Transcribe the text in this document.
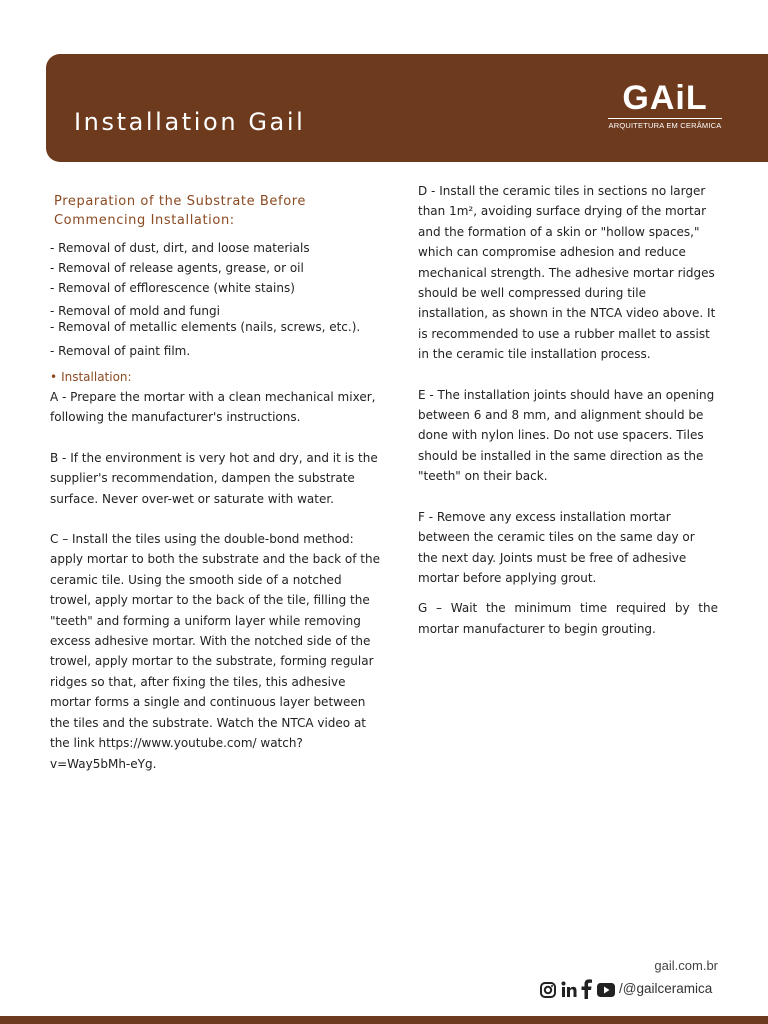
Installation Gail
GAiL
ARQUITETURA EM CERÂMICA
Preparation of the Substrate Before Commencing Installation:
- Removal of dust, dirt, and loose materials
- Removal of release agents, grease, or oil
- Removal of efflorescence (white stains)
- Removal of mold and fungi
- Removal of metallic elements (nails, screws, etc.).
- Removal of paint film.
• Installation:

A - Prepare the mortar with a clean mechanical mixer, following the manufacturer's instructions.

B - If the environment is very hot and dry, and it is the supplier's recommendation, dampen the substrate surface. Never over-wet or saturate with water.

C – Install the tiles using the double-bond method: apply mortar to both the substrate and the back of the ceramic tile. Using the smooth side of a notched trowel, apply mortar to the back of the tile, filling the "teeth" and forming a uniform layer while removing excess adhesive mortar. With the notched side of the trowel, apply mortar to the substrate, forming regular ridges so that, after fixing the tiles, this adhesive mortar forms a single and continuous layer between the tiles and the substrate. Watch the NTCA video at the link https://www.youtube.com/ watch?v=Way5bMh-eYg.

D - Install the ceramic tiles in sections no larger than 1m², avoiding surface drying of the mortar and the formation of a skin or "hollow spaces," which can compromise adhesion and reduce mechanical strength. The adhesive mortar ridges should be well compressed during tile installation, as shown in the NTCA video above. It is recommended to use a rubber mallet to assist in the ceramic tile installation process.

E - The installation joints should have an opening between 6 and 8 mm, and alignment should be done with nylon lines. Do not use spacers. Tiles should be installed in the same direction as the "teeth" on their back.

F - Remove any excess installation mortar between the ceramic tiles on the same day or the next day. Joints must be free of adhesive mortar before applying grout.

G – Wait the minimum time required by the mortar manufacturer to begin grouting.

gail.com.br
/@gailceramica
